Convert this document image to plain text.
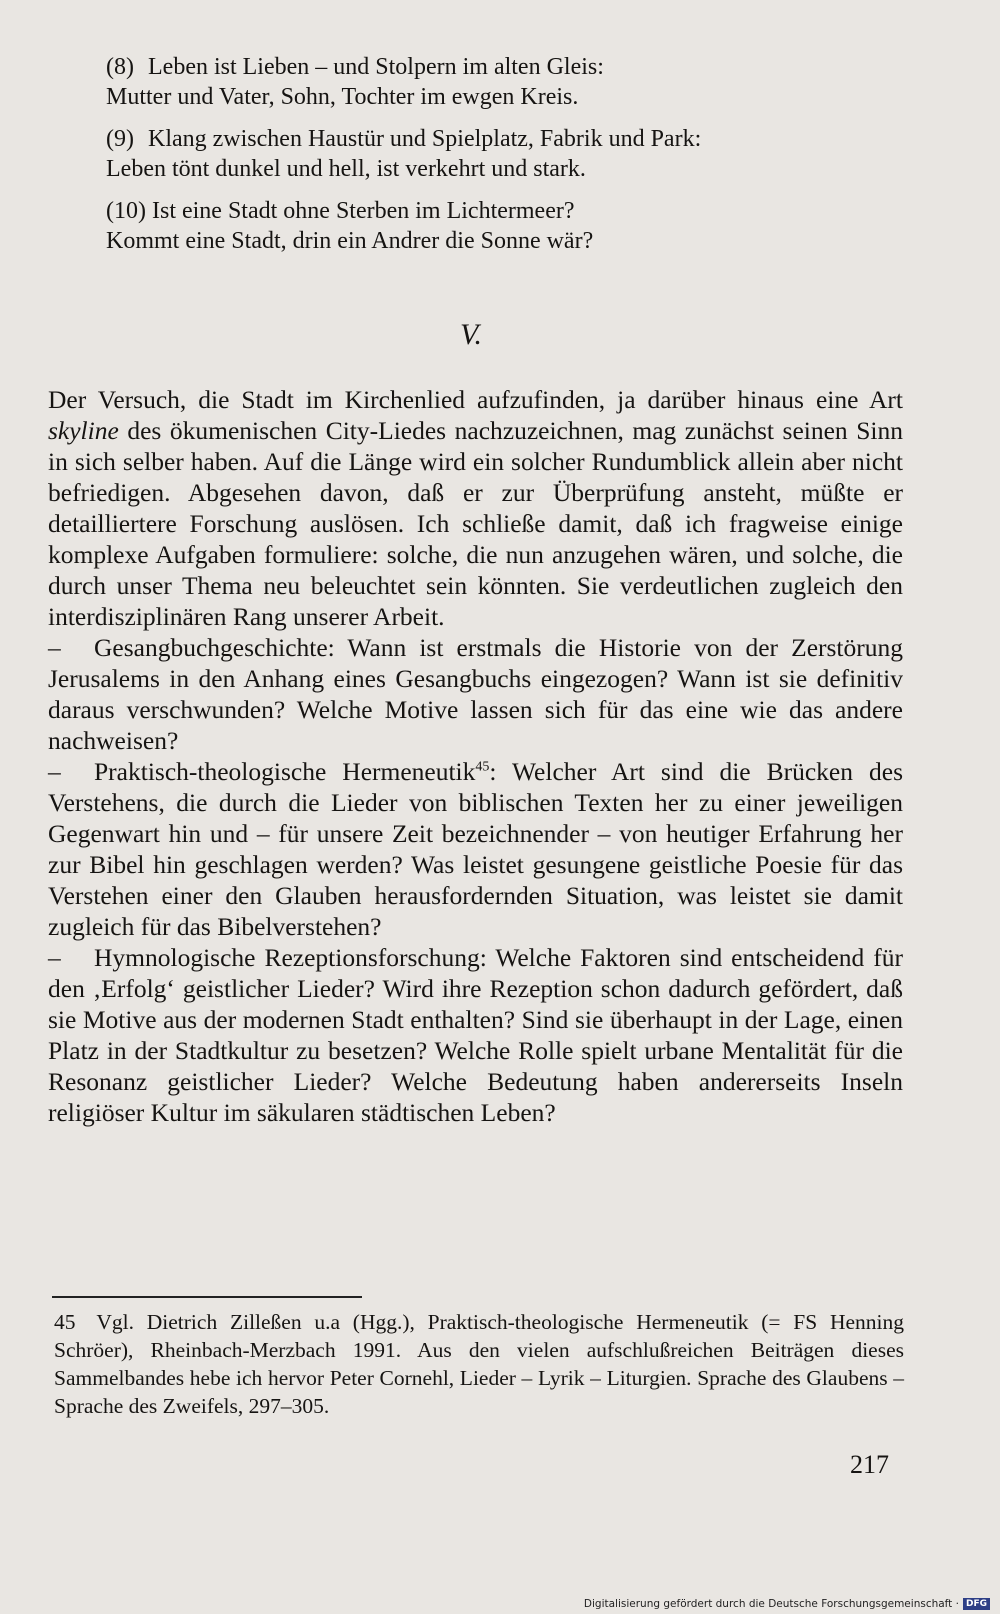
(8) Leben ist Lieben – und Stolpern im alten Gleis:
Mutter und Vater, Sohn, Tochter im ewgen Kreis.
(9) Klang zwischen Haustür und Spielplatz, Fabrik und Park:
Leben tönt dunkel und hell, ist verkehrt und stark.
(10) Ist eine Stadt ohne Sterben im Lichtermeer?
Kommt eine Stadt, drin ein Andrer die Sonne wär?
V.

Der Versuch, die Stadt im Kirchenlied aufzufinden, ja darüber hinaus eine Art skyline des ökumenischen City-Liedes nachzuzeichnen, mag zunächst seinen Sinn in sich selber haben. Auf die Länge wird ein solcher Rundumblick allein aber nicht befriedigen. Abgesehen davon, daß er zur Überprüfung ansteht, müßte er detailliertere Forschung auslösen. Ich schließe damit, daß ich fragweise einige komplexe Aufgaben formuliere: solche, die nun anzugehen wären, und solche, die durch unser Thema neu beleuchtet sein könnten. Sie verdeutlichen zugleich den interdisziplinären Rang unserer Arbeit.

– Gesangbuchgeschichte: Wann ist erstmals die Historie von der Zerstörung Jerusalems in den Anhang eines Gesangbuchs eingezogen? Wann ist sie definitiv daraus verschwunden? Welche Motive lassen sich für das eine wie das andere nachweisen?

– Praktisch-theologische Hermeneutik$^{45}$: Welcher Art sind die Brücken des Verstehens, die durch die Lieder von biblischen Texten her zu einer jeweiligen Gegenwart hin und – für unsere Zeit bezeichnender – von heutiger Erfahrung her zur Bibel hin geschlagen werden? Was leistet gesungene geistliche Poesie für das Verstehen einer den Glauben herausfordernden Situation, was leistet sie damit zugleich für das Bibelverstehen?

– Hymnologische Rezeptionsforschung: Welche Faktoren sind entscheidend für den ‚Erfolg‘ geistlicher Lieder? Wird ihre Rezeption schon dadurch gefördert, daß sie Motive aus der modernen Stadt enthalten? Sind sie überhaupt in der Lage, einen Platz in der Stadtkultur zu besetzen? Welche Rolle spielt urbane Mentalität für die Resonanz geistlicher Lieder? Welche Bedeutung haben andererseits Inseln religiöser Kultur im säkularen städtischen Leben?

45 Vgl. Dietrich Zilleßen u.a (Hgg.), Praktisch-theologische Hermeneutik (= FS Henning Schröer), Rheinbach-Merzbach 1991. Aus den vielen aufschlußreichen Beiträgen dieses Sammelbandes hebe ich hervor Peter Cornehl, Lieder – Lyrik – Liturgien. Sprache des Glaubens – Sprache des Zweifels, 297–305.
217
Digitalisierung gefördert durch die Deutsche Forschungsgemeinschaft · DFG
